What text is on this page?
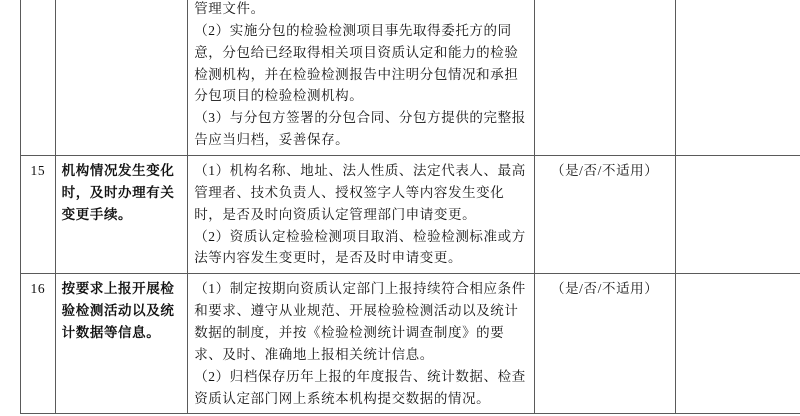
		管理文件。

（2）实施分包的检验检测项目事先取得委托方的同意，分包给已经取得相关项目资质认定和能力的检验检测机构，并在检验检测报告中注明分包情况和承担分包项目的检验检测机构。

（3）与分包方签署的分包合同、分包方提供的完整报告应当归档，妥善保存。		

15	机构情况发生变化时，及时办理有关变更手续。	（1）机构名称、地址、法人性质、法定代表人、最高管理者、技术负责人、授权签字人等内容发生变化时，是否及时向资质认定管理部门申请变更。

（2）资质认定检验检测项目取消、检验检测标准或方法等内容发生变更时，是否及时申请变更。	（是/否/不适用）	
16	按要求上报开展检验检测活动以及统计数据等信息。	（1）制定按期向资质认定部门上报持续符合相应条件和要求、遵守从业规范、开展检验检测活动以及统计数据的制度，并按《检验检测统计调查制度》的要求、及时、准确地上报相关统计信息。

（2）归档保存历年上报的年度报告、统计数据、检查资质认定部门网上系统本机构提交数据的情况。	（是/否/不适用）	
